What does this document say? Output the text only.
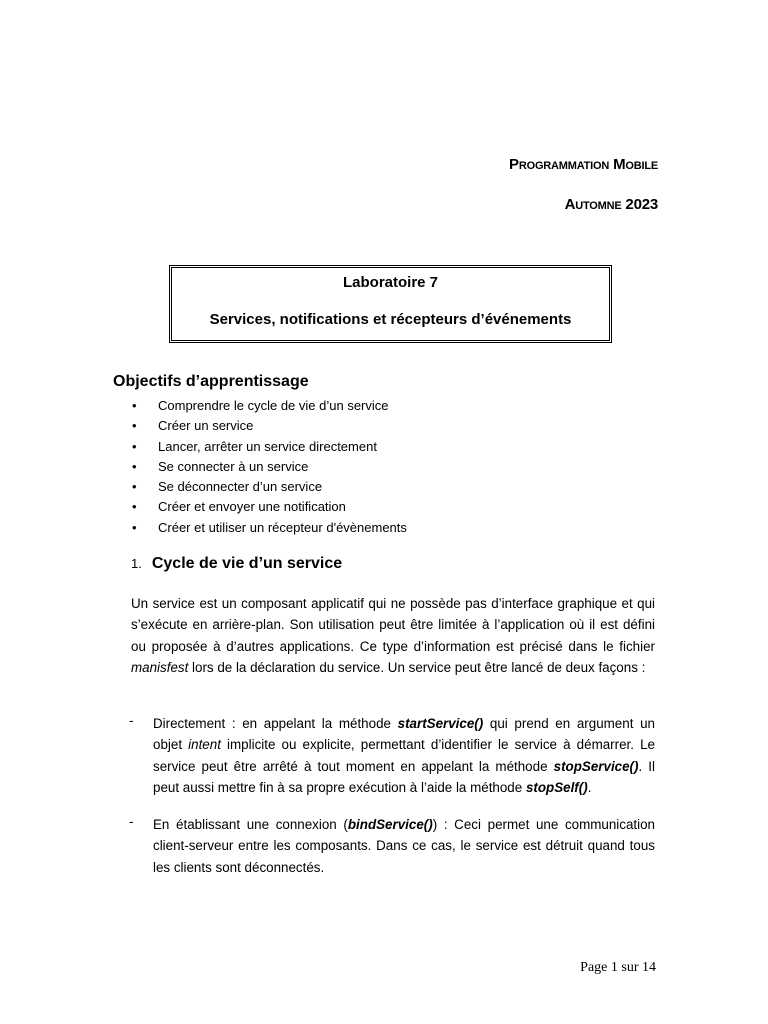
Programmation Mobile
Automne 2023
Laboratoire 7
Services, notifications et récepteurs d’événements
Objectifs d’apprentissage
• Comprendre le cycle de vie d’un service
• Créer un service
• Lancer, arrêter un service directement
• Se connecter à un service
• Se déconnecter d’un service
• Créer et envoyer une notification
• Créer et utiliser un récepteur d'évènements
1. Cycle de vie d’un service

Un service est un composant applicatif qui ne possède pas d’interface graphique et qui s’exécute en arrière-plan. Son utilisation peut être limitée à l’application où il est défini ou proposée à d’autres applications. Ce type d’information est précisé dans le fichier manisfest lors de la déclaration du service. Un service peut être lancé de deux façons :

- Directement : en appelant la méthode startService() qui prend en argument un objet intent implicite ou explicite, permettant d’identifier le service à démarrer. Le service peut être arrêté à tout moment en appelant la méthode stopService(). Il peut aussi mettre fin à sa propre exécution à l’aide la méthode stopSelf().

- En établissant une connexion (bindService()) : Ceci permet une communication client-serveur entre les composants. Dans ce cas, le service est détruit quand tous les clients sont déconnectés.

Page 1 sur 14
